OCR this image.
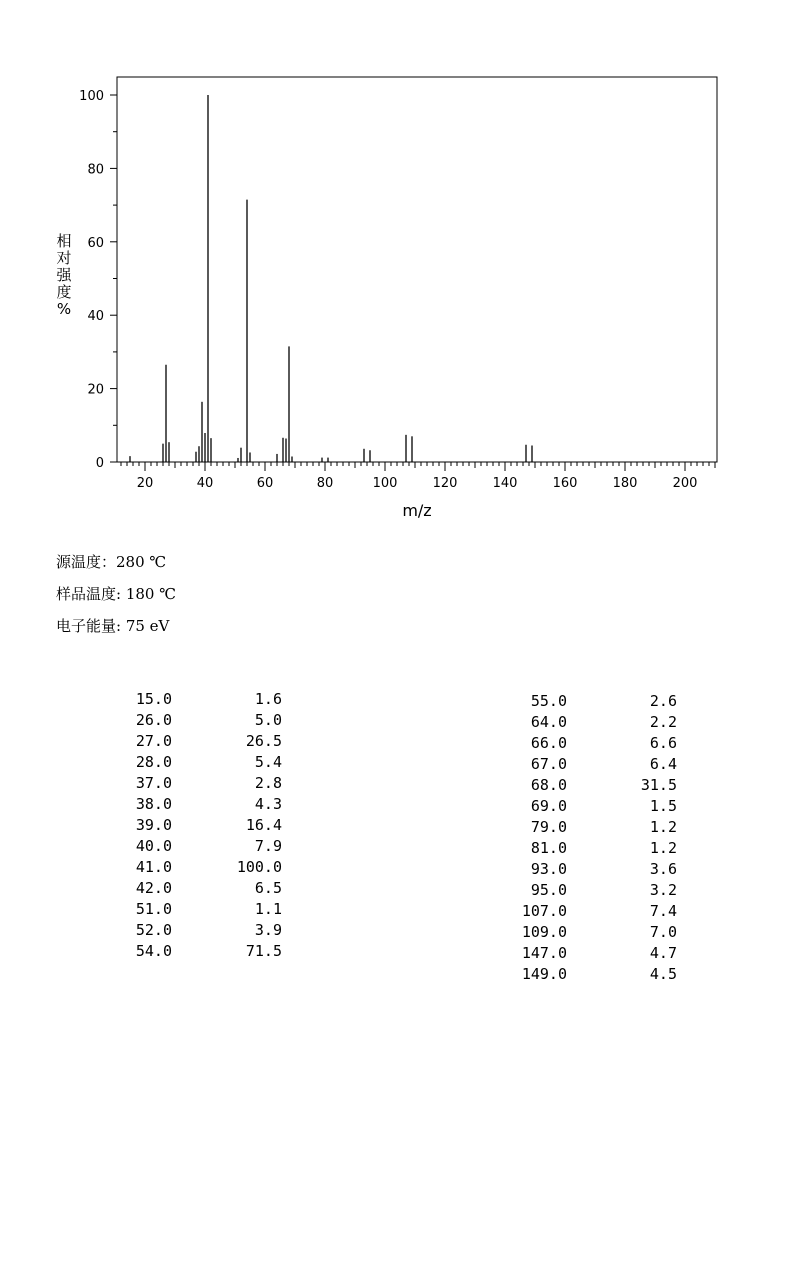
0
20
40
60
80
100
20	40	60	80	100	120	140	160	180	200
m/z
相对强度%
源温度：280 ℃
样品温度: 180 ℃
电子能量: 75 eV
15.0	1.6
26.0	5.0
27.0	26.5
28.0	5.4
37.0	2.8
38.0	4.3
39.0	16.4
40.0	7.9
41.0	100.0
42.0	6.5
51.0	1.1
52.0	3.9
54.0	71.5
55.0	2.6
64.0	2.2
66.0	6.6
67.0	6.4
68.0	31.5
69.0	1.5
79.0	1.2
81.0	1.2
93.0	3.6
95.0	3.2
107.0	7.4
109.0	7.0
147.0	4.7
149.0	4.5
